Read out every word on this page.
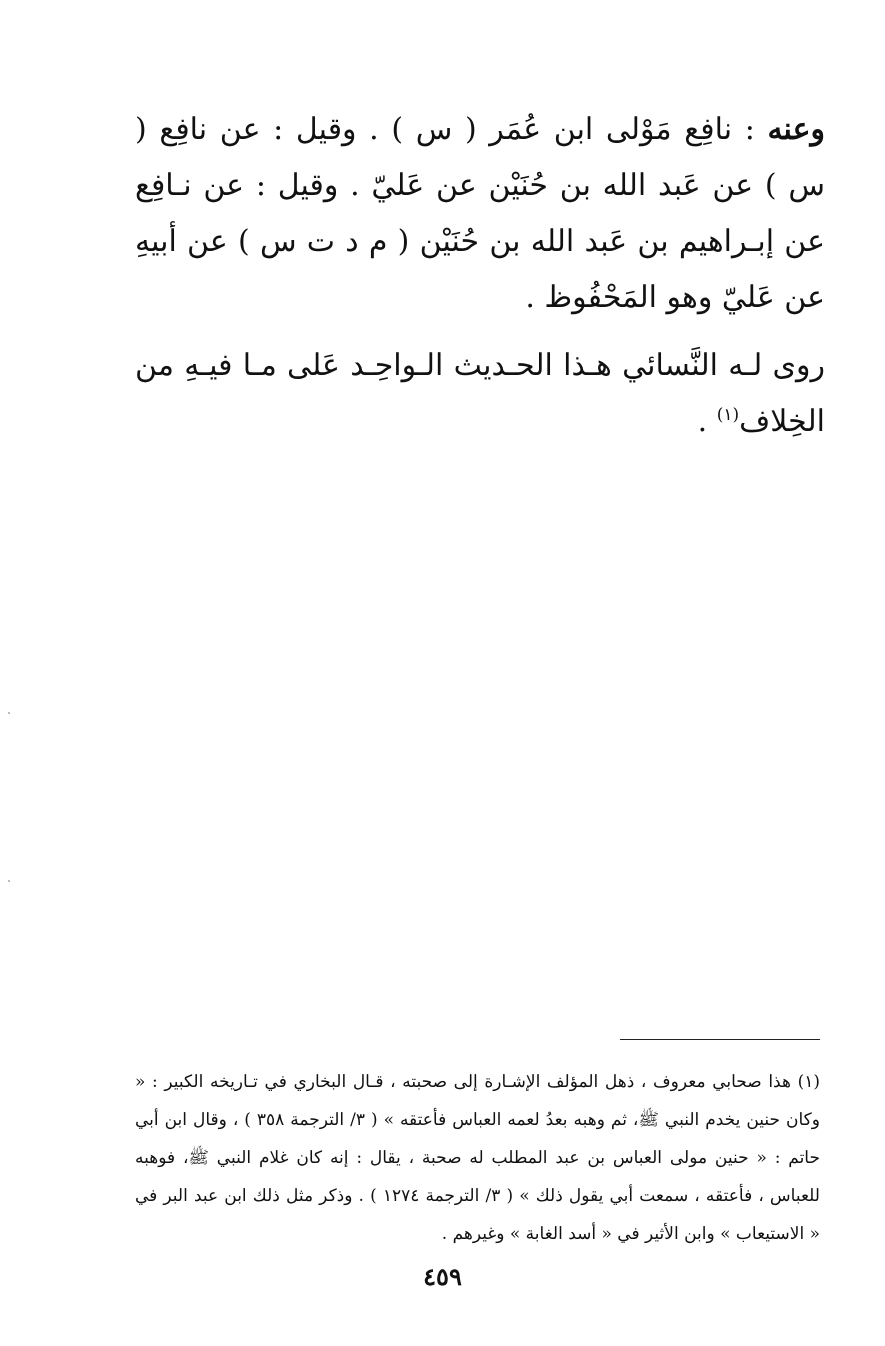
وعنه : نافِع مَوْلى ابن عُمَر ( س ) . وقيل : عن نافِع ( س ) عن عَبد الله بن حُنَيْن عن عَليّ . وقيل : عن نـافِع عن إبـراهيم بن عَبد الله بن حُنَيْن ( م د ت س ) عن أبيهِ عن عَليّ وهو المَحْفُوظ .

روى لـه النَّسائي هـذا الحـديث الـواحِـد عَلى مـا فيـهِ من الخِلاف$^{(١)}$ .

(١) هذا صحابي معروف ، ذهل المؤلف الإشـارة إلى صحبته ، قـال البخاري في تـاريخه الكبير : « وكان حنين يخدم النبي ﷺ، ثم وهبه بعدُ لعمه العباس فأعتقه » ( ٣/ الترجمة ٣٥٨ ) ، وقال ابن أبي حاتم : « حنين مولى العباس بن عبد المطلب له صحبة ، يقال : إنه كان غلام النبي ﷺ، فوهبه للعباس ، فأعتقه ، سمعت أبي يقول ذلك » ( ٣/ الترجمة ١٢٧٤ ) . وذكر مثل ذلك ابن عبد البر في « الاستيعاب » وابن الأثير في « أسد الغابة » وغيرهم .

٤٥٩
